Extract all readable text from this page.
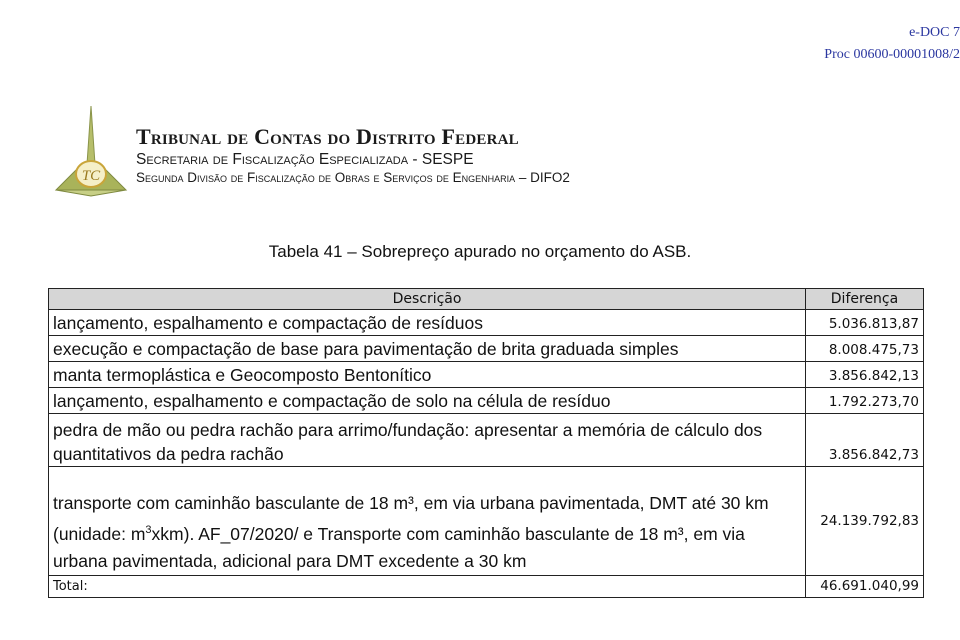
e-DOC 7
Proc 00600-00001008/2
TC
Tribunal de Contas do Distrito Federal
Secretaria de Fiscalização Especializada - SESPE
Segunda Divisão de Fiscalização de Obras e Serviços de Engenharia – DIFO2
Tabela 41 – Sobrepreço apurado no orçamento do ASB.
Descrição	Diferença
lançamento, espalhamento e compactação de resíduos	5.036.813,87
execução e compactação de base para pavimentação de brita graduada simples	8.008.475,73
manta termoplástica e Geocomposto Bentonítico	3.856.842,13
lançamento, espalhamento e compactação de solo na célula de resíduo	1.792.273,70
pedra de mão ou pedra rachão para arrimo/fundação: apresentar a memória de cálculo dos quantitativos da pedra rachão	3.856.842,73
transporte com caminhão basculante de 18 m³, em via urbana pavimentada, DMT até 30 km (unidade: $m^3xkm$). AF_07/2020/ e Transporte com caminhão basculante de 18 m³, em via urbana pavimentada, adicional para DMT excedente a 30 km	24.139.792,83
Total:	46.691.040,99
